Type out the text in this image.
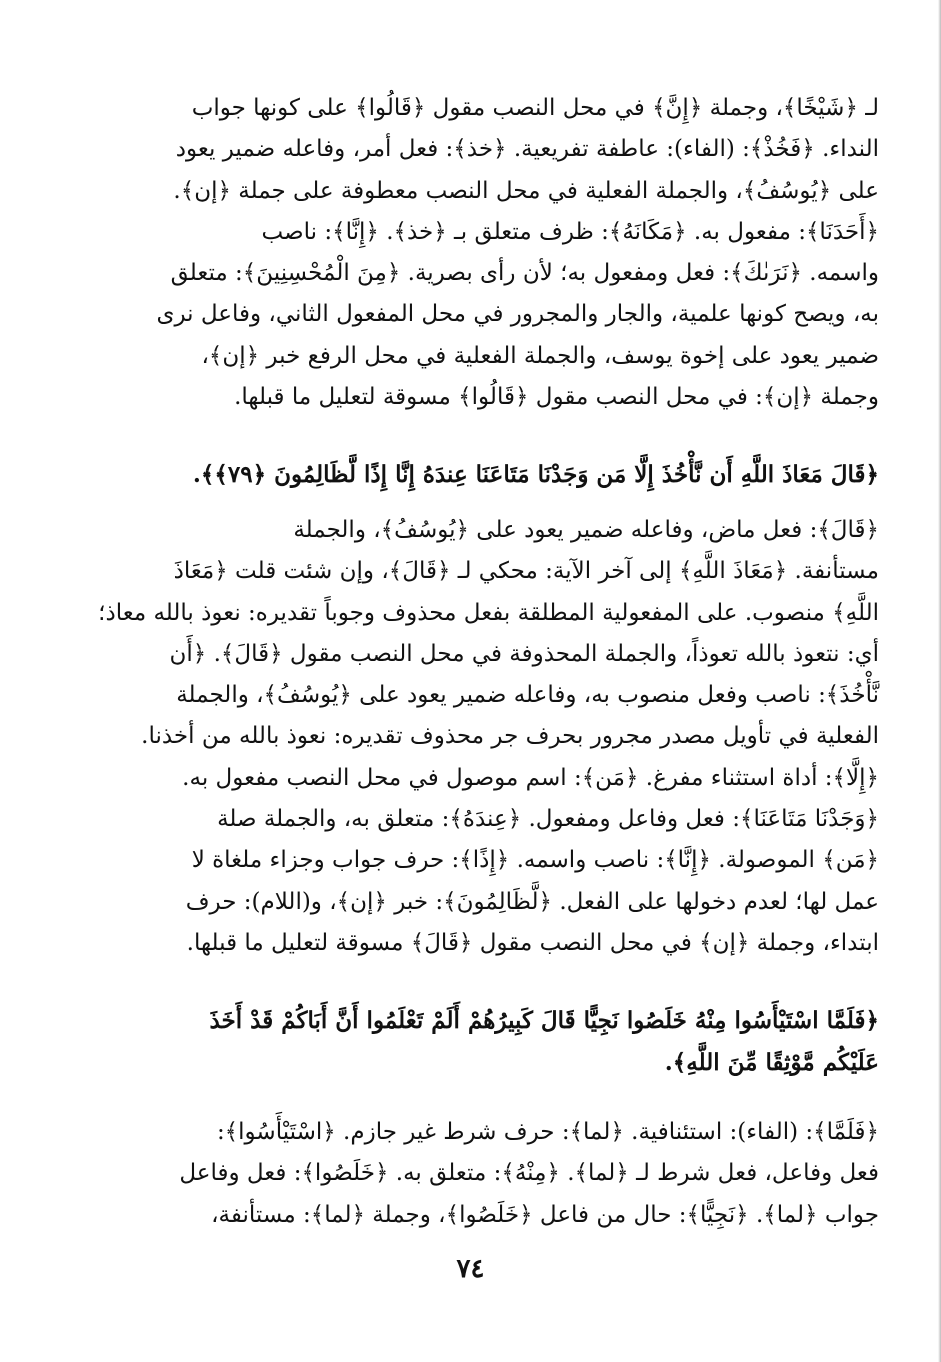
لـ ﴿شَيْخًا﴾، وجملة ﴿إِنَّ﴾ في محل النصب مقول ﴿قَالُوا﴾ على كونها جواب
النداء. ﴿فَخُذْ﴾: (الفاء): عاطفة تفريعية. ﴿خذ﴾: فعل أمر، وفاعله ضمير يعود
على ﴿يُوسُفُ﴾، والجملة الفعلية في محل النصب معطوفة على جملة ﴿إن﴾.
﴿أَحَدَنَا﴾: مفعول به. ﴿مَكَانَهُ﴾: ظرف متعلق بـ ﴿خذ﴾. ﴿إِنَّا﴾: ناصب
واسمه. ﴿نَرَىٰكَ﴾: فعل ومفعول به؛ لأن رأى بصرية. ﴿مِنَ الْمُحْسِنِينَ﴾: متعلق
به، ويصح كونها علمية، والجار والمجرور في محل المفعول الثاني، وفاعل نرى
ضمير يعود على إخوة يوسف، والجملة الفعلية في محل الرفع خبر ﴿إن﴾،
وجملة ﴿إن﴾: في محل النصب مقول ﴿قَالُوا﴾ مسوقة لتعليل ما قبلها.
﴿قَالَ مَعَاذَ اللَّهِ أَن نَّأْخُذَ إِلَّا مَن وَجَدْنَا مَتَاعَنَا عِندَهُ إِنَّا إِذًا لَّظَالِمُونَ ﴿٧٩﴾﴾.
﴿قَالَ﴾: فعل ماض، وفاعله ضمير يعود على ﴿يُوسُفُ﴾، والجملة
مستأنفة. ﴿مَعَاذَ اللَّهِ﴾ إلى آخر الآية: محكي لـ ﴿قَالَ﴾، وإن شئت قلت ﴿مَعَاذَ
اللَّهِ﴾ منصوب. على المفعولية المطلقة بفعل محذوف وجوباً تقديره: نعوذ بالله معاذ؛
أي: نتعوذ بالله تعوذاً، والجملة المحذوفة في محل النصب مقول ﴿قَالَ﴾. ﴿أَن
نَّأْخُذَ﴾: ناصب وفعل منصوب به، وفاعله ضمير يعود على ﴿يُوسُفُ﴾، والجملة
الفعلية في تأويل مصدر مجرور بحرف جر محذوف تقديره: نعوذ بالله من أخذنا.
﴿إِلَّا﴾: أداة استثناء مفرغ. ﴿مَن﴾: اسم موصول في محل النصب مفعول به.
﴿وَجَدْنَا مَتَاعَنَا﴾: فعل وفاعل ومفعول. ﴿عِندَهُ﴾: متعلق به، والجملة صلة
﴿مَن﴾ الموصولة. ﴿إِنَّا﴾: ناصب واسمه. ﴿إِذًا﴾: حرف جواب وجزاء ملغاة لا
عمل لها؛ لعدم دخولها على الفعل. ﴿لَّظَالِمُونَ﴾: خبر ﴿إن﴾، و(اللام): حرف
ابتداء، وجملة ﴿إن﴾ في محل النصب مقول ﴿قَالَ﴾ مسوقة لتعليل ما قبلها.
﴿فَلَمَّا اسْتَيْأَسُوا مِنْهُ خَلَصُوا نَجِيًّا قَالَ كَبِيرُهُمْ أَلَمْ تَعْلَمُوا أَنَّ أَبَاكُمْ قَدْ أَخَذَ
عَلَيْكُم مَّوْثِقًا مِّنَ اللَّهِ﴾.
﴿فَلَمَّا﴾: (الفاء): استئنافية. ﴿لما﴾: حرف شرط غير جازم. ﴿اسْتَيْأَسُوا﴾:
فعل وفاعل، فعل شرط لـ ﴿لما﴾. ﴿مِنْهُ﴾: متعلق به. ﴿خَلَصُوا﴾: فعل وفاعل
جواب ﴿لما﴾. ﴿نَجِيًّا﴾: حال من فاعل ﴿خَلَصُوا﴾، وجملة ﴿لما﴾: مستأنفة،
٧٤
